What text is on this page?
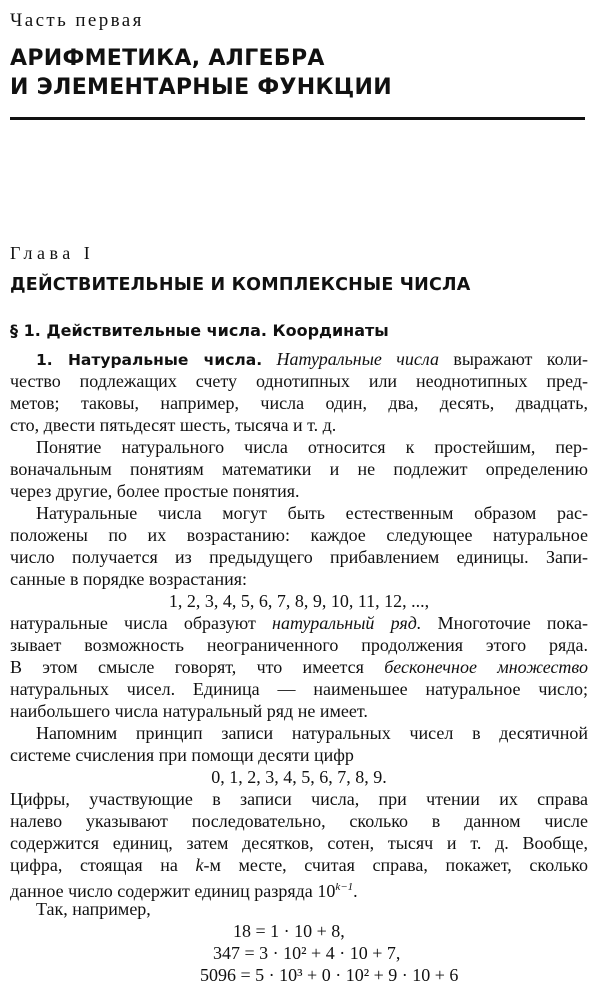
Часть первая
АРИФМЕТИКА, АЛГЕБРА
И ЭЛЕМЕНТАРНЫЕ ФУНКЦИИ
Глава I
ДЕЙСТВИТЕЛЬНЫЕ И КОМПЛЕКСНЫЕ ЧИСЛА
§ 1. Действительные числа. Координаты
1. Натуральные числа. Натуральные числа выражают коли-
чество подлежащих счету однотипных или неоднотипных пред-
метов; таковы, например, числа один, два, десять, двадцать,
сто, двести пятьдесят шесть, тысяча и т. д.
Понятие натурального числа относится к простейшим, пер-
воначальным понятиям математики и не подлежит определению
через другие, более простые понятия.
Натуральные числа могут быть естественным образом рас-
положены по их возрастанию: каждое следующее натуральное
число получается из предыдущего прибавлением единицы. Запи-
санные в порядке возрастания:
1, 2, 3, 4, 5, 6, 7, 8, 9, 10, 11, 12, ...,
натуральные числа образуют натуральный ряд. Многоточие пока-
зывает возможность неограниченного продолжения этого ряда.
В этом смысле говорят, что имеется бесконечное множество
натуральных чисел. Единица — наименьшее натуральное число;
наибольшего числа натуральный ряд не имеет.
Напомним принцип записи натуральных чисел в десятичной
системе счисления при помощи десяти цифр
0, 1, 2, 3, 4, 5, 6, 7, 8, 9.
Цифры, участвующие в записи числа, при чтении их справа
налево указывают последовательно, сколько в данном числе
содержится единиц, затем десятков, сотен, тысяч и т. д. Вообще,
цифра, стоящая на k-м месте, считая справа, покажет, сколько
данное число содержит единиц разряда $10^{k-1}$.
Так, например,
18 = 1 · 10 + 8,
347 = 3 · 10² + 4 · 10 + 7,
5096 = 5 · 10³ + 0 · 10² + 9 · 10 + 6
